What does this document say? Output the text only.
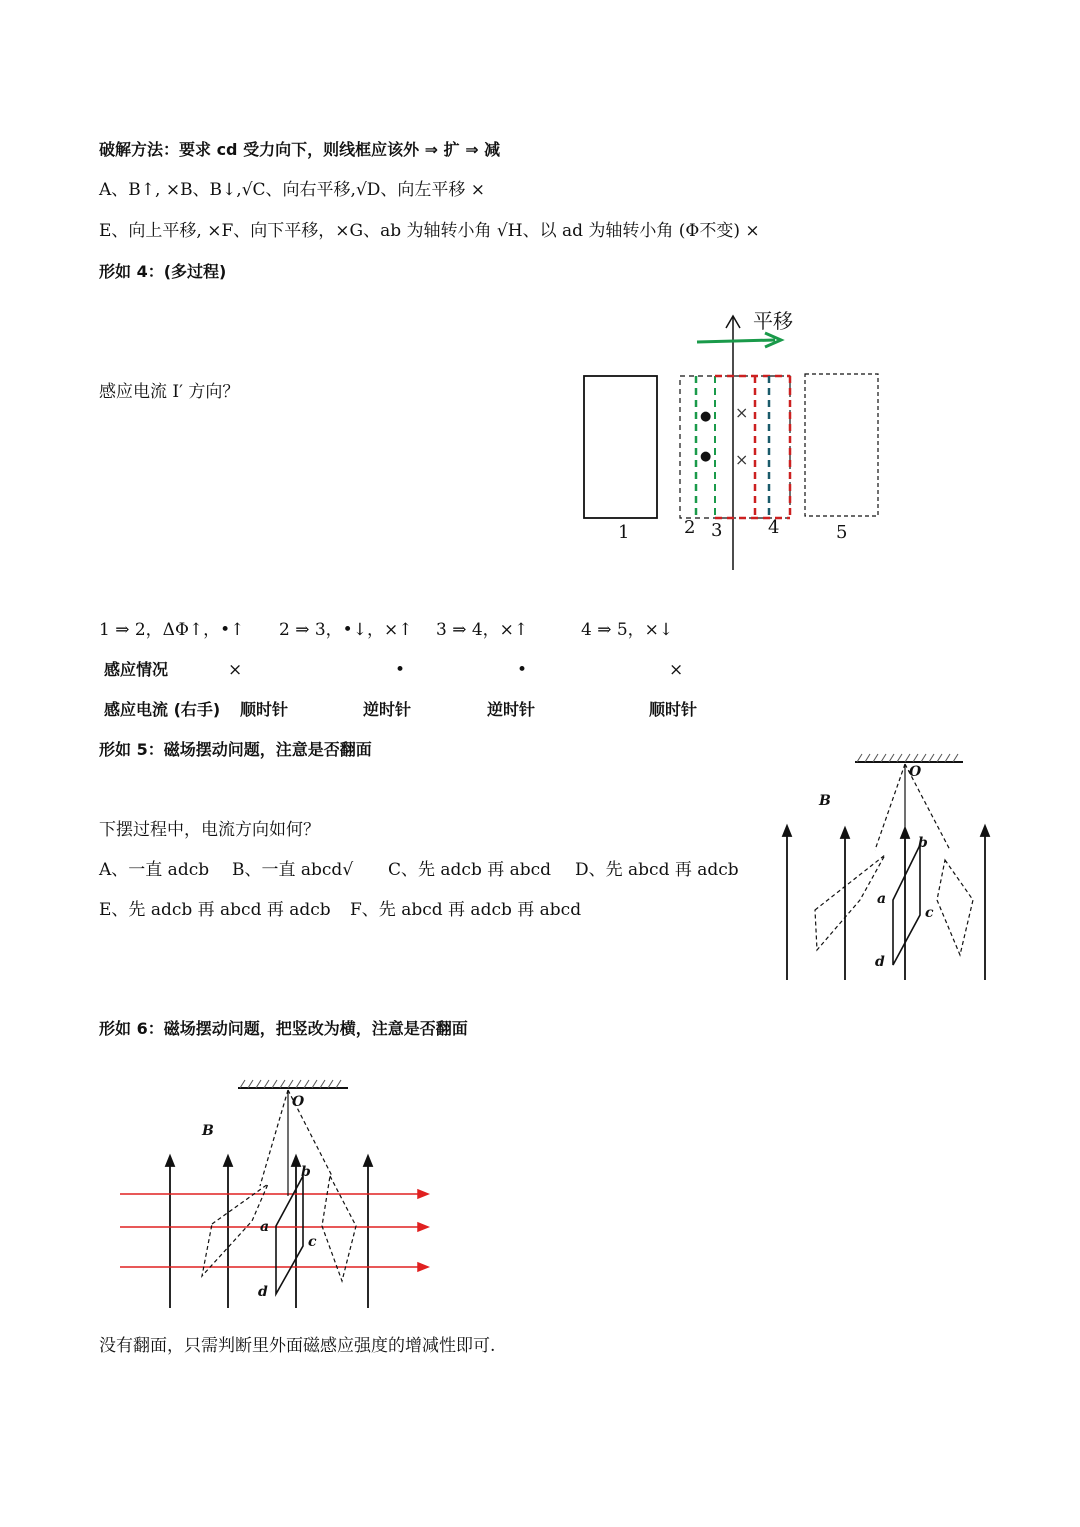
破解方法：要求 cd 受力向下，则线框应该外 ⇒ 扩 ⇒ 减
A、B↑, ×B、B↓,√C、向右平移,√D、向左平移 ×
E、向上平移, ×F、向下平移，×G、ab 为轴转小角 √H、以 ad 为轴转小角 (Φ不变) ×
形如 4：(多过程)
感应电流 I′ 方向？
平移
●
●
×
×
1	2 3	4	5
1 ⇒ 2，ΔΦ↑，•↑ 2 ⇒ 3，•↓，×↑ 3 ⇒ 4，×↑	4 ⇒ 5，×↓
感应情况	×	•	•	×
感应电流 (右手) 顺时针	逆时针	逆时针	顺时针
形如 5：磁场摆动问题，注意是否翻面
下摆过程中，电流方向如何？
A、一直 adcb B、一直 abcd√ C、先 adcb 再 abcd D、先 abcd 再 adcb
E、先 adcb 再 abcd 再 adcb F、先 abcd 再 adcb 再 abcd
O
B
a
b
c
d
形如 6：磁场摆动问题，把竖改为横，注意是否翻面
O
B
a
b
c
d
没有翻面，只需判断里外面磁感应强度的增减性即可.
